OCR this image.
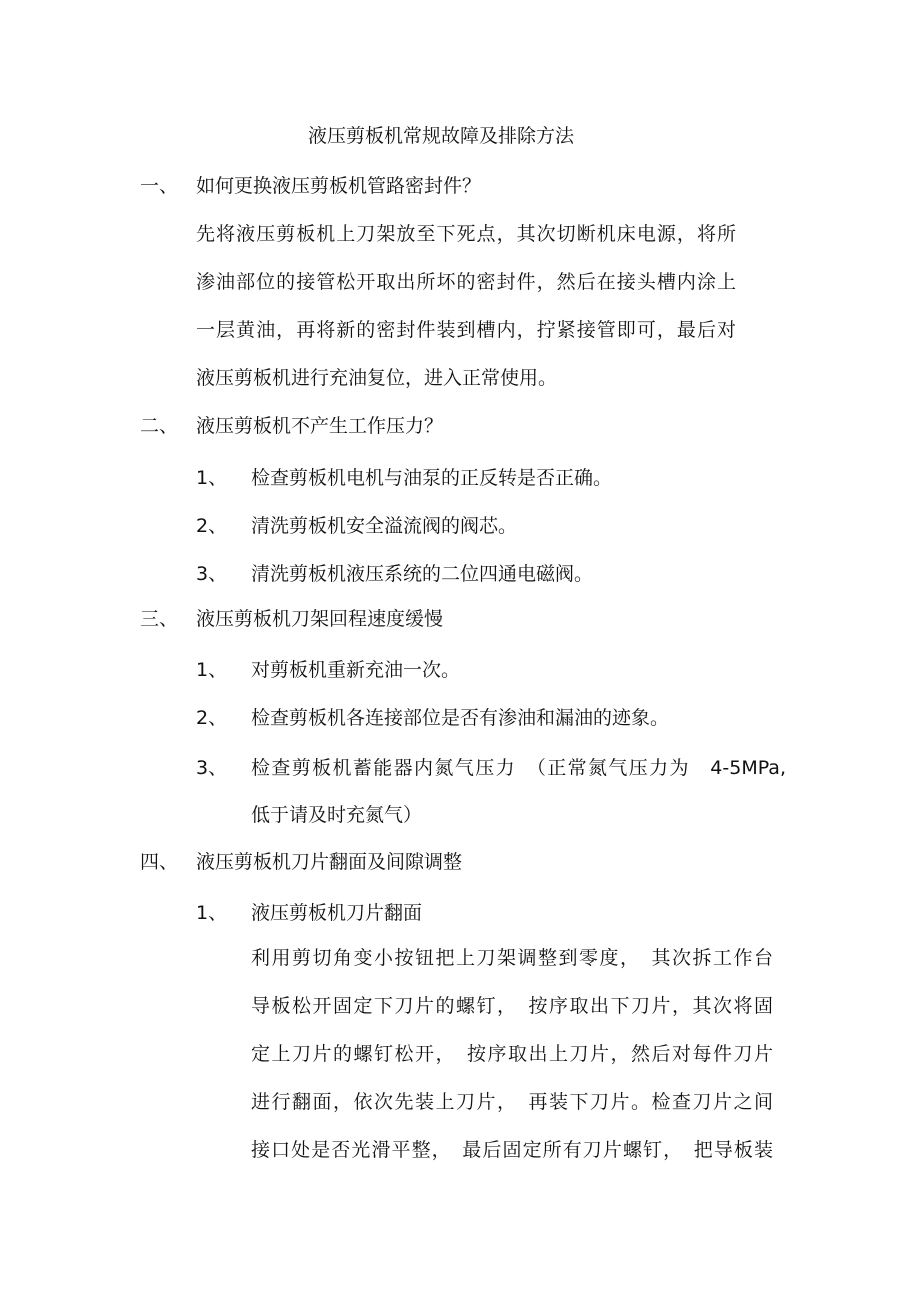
液压剪板机常规故障及排除方法
一、 如何更换液压剪板机管路密封件？
先将液压剪板机上刀架放至下死点，其次切断机床电源，将所
渗油部位的接管松开取出所坏的密封件，然后在接头槽内涂上
一层黄油，再将新的密封件装到槽内，拧紧接管即可，最后对
液压剪板机进行充油复位，进入正常使用。
二、 液压剪板机不产生工作压力？
1、 检查剪板机电机与油泵的正反转是否正确。
2、 清洗剪板机安全溢流阀的阀芯。
3、 清洗剪板机液压系统的二位四通电磁阀。
三、 液压剪板机刀架回程速度缓慢
1、 对剪板机重新充油一次。
2、 检查剪板机各连接部位是否有渗油和漏油的迹象。
3、 检查剪板机蓄能器内氮气压力　（正常氮气压力为　4-5MPa,
低于请及时充氮气）
四、 液压剪板机刀片翻面及间隙调整
1、 液压剪板机刀片翻面
利用剪切角变小按钮把上刀架调整到零度，　其次拆工作台
导板松开固定下刀片的螺钉，　按序取出下刀片，其次将固
定上刀片的螺钉松开，　按序取出上刀片，然后对每件刀片
进行翻面，依次先装上刀片，　再装下刀片。检查刀片之间
接口处是否光滑平整，　最后固定所有刀片螺钉，　把导板装
